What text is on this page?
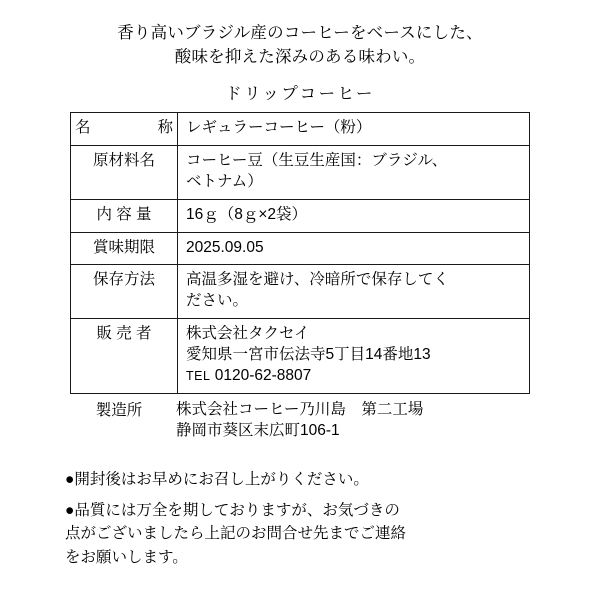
香り高いブラジル産のコーヒーをベースにした、
酸味を抑えた深みのある味わい。
ドリップコーヒー
名 称	レギュラーコーヒー（粉）
原材料名	コーヒー豆（生豆生産国：ブラジル、
ベトナム）

内 容 量	16ｇ（8ｇ×2袋）
賞味期限	2025.09.05
保存方法	高温多湿を避け、冷暗所で保存してく
ださい。

販 売 者	株式会社タクセイ
愛知県一宮市伝法寺5丁目14番地13
TEL 0120-62-8807
製造所	株式会社コーヒー乃川島　第二工場
静岡市葵区末広町106-1

●開封後はお早めにお召し上がりください。

●品質には万全を期しておりますが、お気づきの
点がございましたら上記のお問合せ先までご連絡
をお願いします。
